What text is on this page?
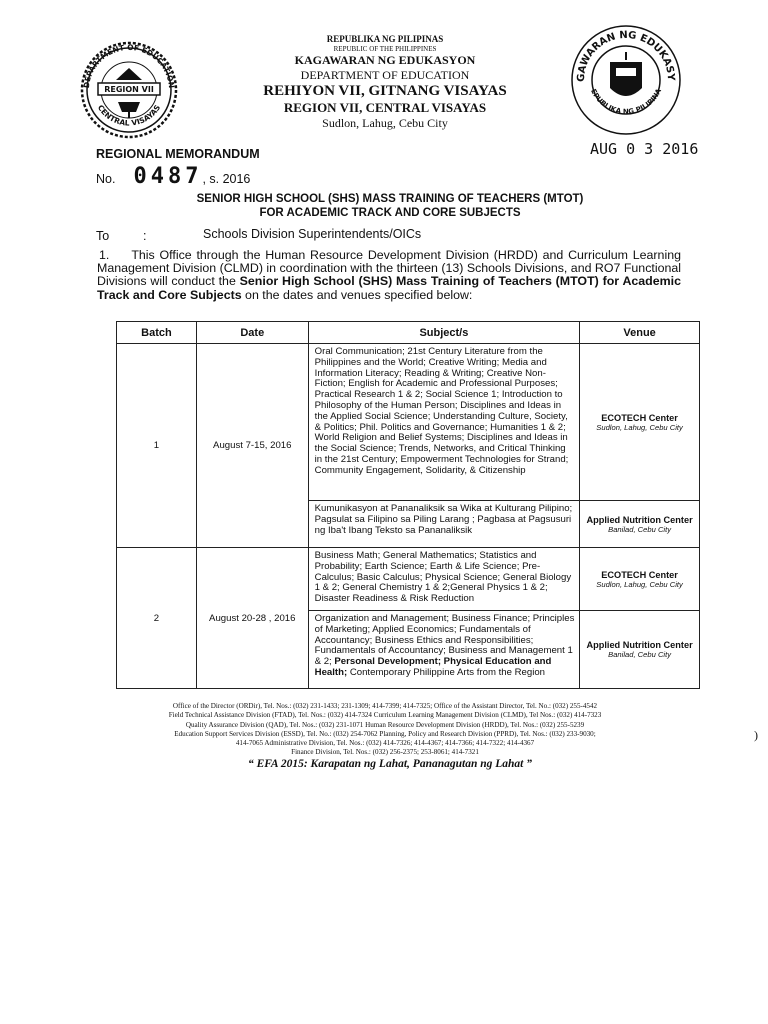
DEPARTMENT OF EDUCATION
CENTRAL VISAYAS
REGION VII
REPUBLIKA NG PILIPINAS
REPUBLIC OF THE PHILIPPINES
KAGAWARAN NG EDUKASYON
DEPARTMENT OF EDUCATION
REHIYON VII, GITNANG VISAYAS
REGION VII, CENTRAL VISAYAS
Sudlon, Lahug, Cebu City
GAWARAN NG EDUKASY
EPUBLIKA NG PILIPINA
REGIONAL MEMORANDUM
No. 0487, s. 2016
AUG 0 3 2016
SENIOR HIGH SCHOOL (SHS) MASS TRAINING OF TEACHERS (MTOT)
FOR ACADEMIC TRACK AND CORE SUBJECTS
To	:	Schools Division Superintendents/OICs
1. This Office through the Human Resource Development Division (HRDD) and Curriculum Learning Management Division (CLMD) in coordination with the thirteen (13) Schools Divisions, and RO7 Functional Divisions will conduct the Senior High School (SHS) Mass Training of Teachers (MTOT) for Academic Track and Core Subjects on the dates and venues specified below:
Batch	Date	Subject/s	Venue
1	August 7-15, 2016	Oral Communication; 21st Century Literature from the Philippines and the World; Creative Writing; Media and Information Literacy; Reading & Writing; Creative Non-Fiction; English for Academic and Professional Purposes; Practical Research 1 & 2; Social Science 1; Introduction to Philosophy of the Human Person; Disciplines and Ideas in the Applied Social Science; Understanding Culture, Society, & Politics; Phil. Politics and Governance; Humanities 1 & 2; World Religion and Belief Systems; Disciplines and Ideas in the Social Science; Trends, Networks, and Critical Thinking in the 21st Century; Empowerment Technologies for Strand; Community Engagement, Solidarity, & Citizenship	ECOTECH Center
Sudlon, Lahug, Cebu City

		Kumunikasyon at Pananaliksik sa Wika at Kulturang Pilipino; Pagsulat sa Filipino sa Piling Larang ; Pagbasa at Pagsusuri ng Iba't Ibang Teksto sa Pananaliksik	Applied Nutrition Center
Banilad, Cebu City

2	August 20-28 , 2016	Business Math; General Mathematics; Statistics and Probability; Earth Science; Earth & Life Science; Pre-Calculus; Basic Calculus; Physical Science; General Biology 1 & 2; General Chemistry 1 & 2;General Physics 1 & 2; Disaster Readiness & Risk Reduction	ECOTECH Center
Sudlon, Lahug, Cebu City

		Organization and Management; Business Finance; Principles of Marketing; Applied Economics; Fundamentals of Accountancy; Business Ethics and Responsibilities; Fundamentals of Accountancy; Business and Management 1 & 2; Personal Development; Physical Education and Health; Contemporary Philippine Arts from the Region	Applied Nutrition Center
Banilad, Cebu City
Office of the Director (ORDir), Tel. Nos.: (032) 231-1433; 231-1309; 414-7399; 414-7325; Office of the Assistant Director, Tel. No.: (032) 255-4542
Field Technical Assistance Division (FTAD), Tel. Nos.: (032) 414-7324 Curriculum Learning Management Division (CLMD), Tel Nos.: (032) 414-7323
Quality Assurance Division (QAD), Tel. Nos.: (032) 231-1071 Human Resource Development Division (HRDD), Tel. Nos.: (032) 255-5239
Education Support Services Division (ESSD), Tel. No.: (032) 254-7062 Planning, Policy and Research Division (PPRD), Tel. Nos.: (032) 233-9030;
414-7065 Administrative Division, Tel. Nos.: (032) 414-7326; 414-4367; 414-7366; 414-7322; 414-4367
Finance Division, Tel. Nos.: (032) 256-2375; 253-8061; 414-7321
“ EFA 2015: Karapatan ng Lahat, Pananagutan ng Lahat ”
)
